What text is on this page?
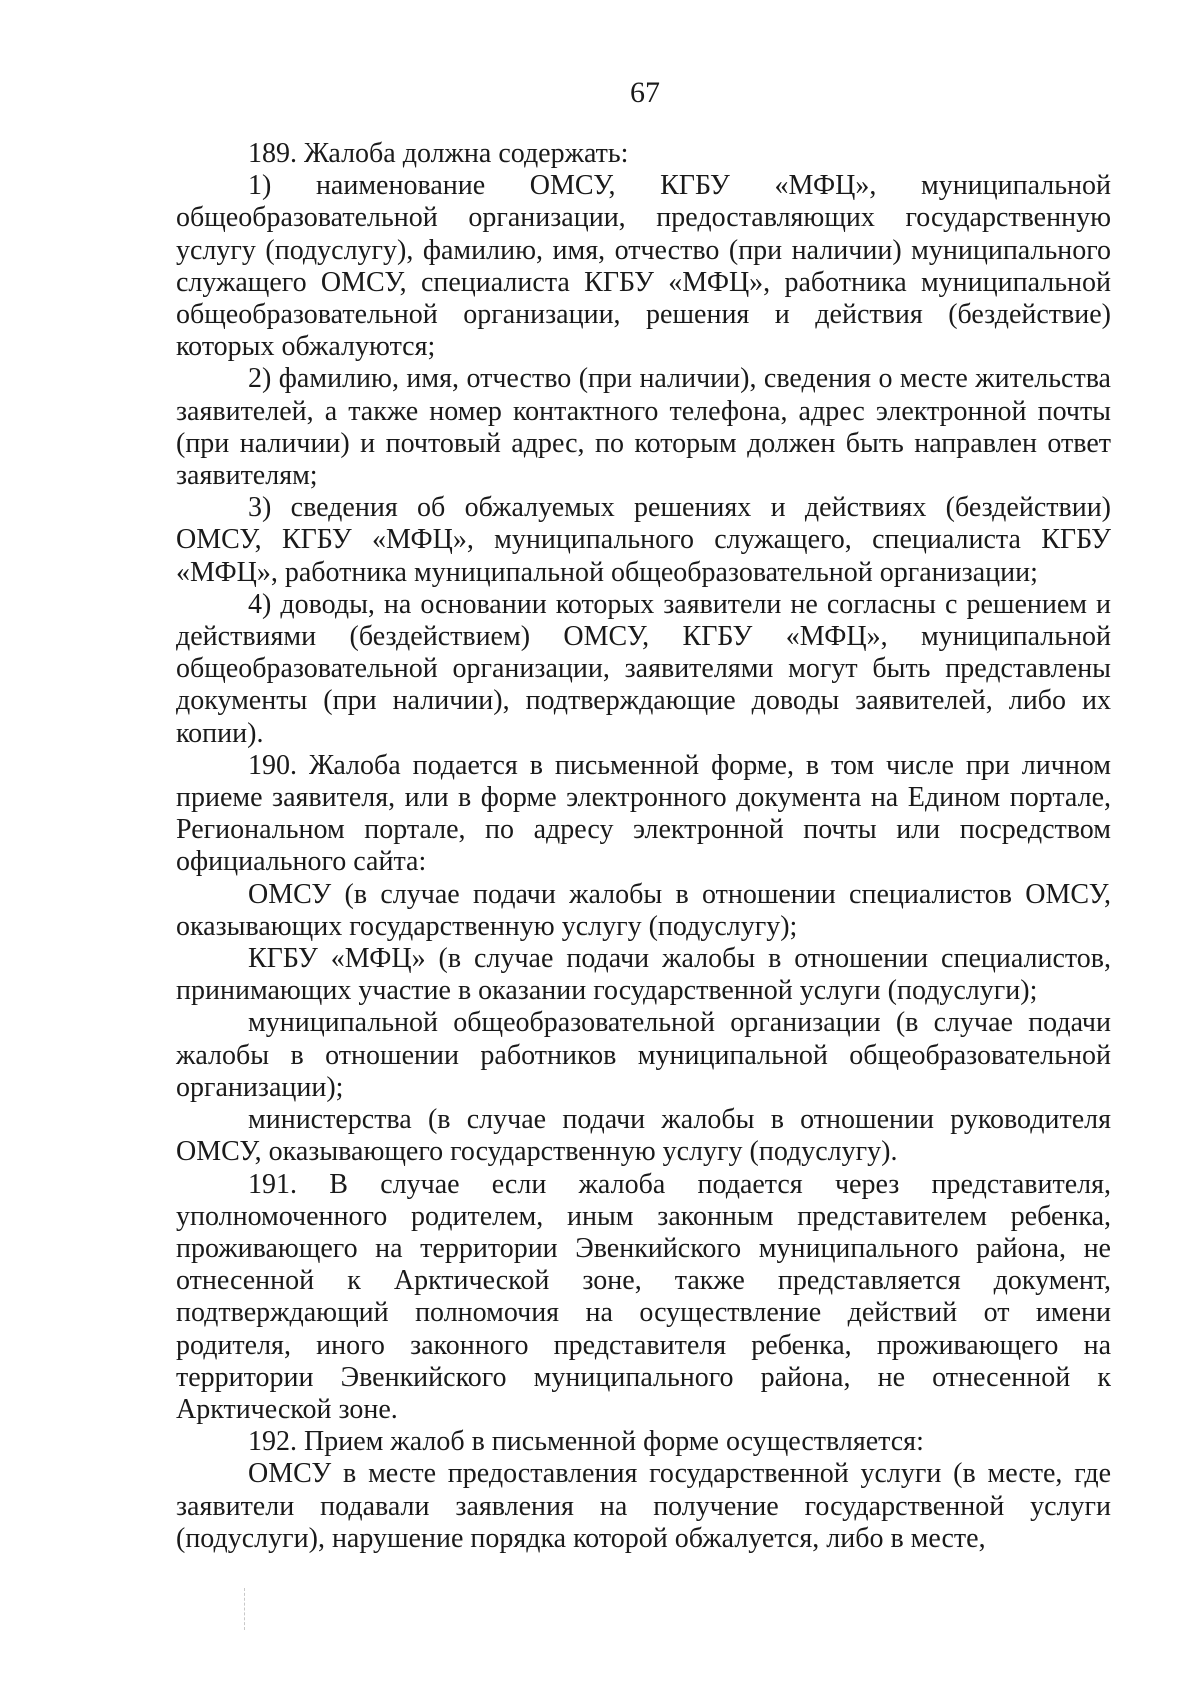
67

189. Жалоба должна содержать:

1) наименование ОМСУ, КГБУ «МФЦ», муниципальной общеобразовательной организации, предоставляющих государственную услугу (подуслугу), фамилию, имя, отчество (при наличии) муниципального служащего ОМСУ, специалиста КГБУ «МФЦ», работника муниципальной общеобразовательной организации, решения и действия (бездействие) которых обжалуются;

2) фамилию, имя, отчество (при наличии), сведения о месте жительства заявителей, а также номер контактного телефона, адрес электронной почты (при наличии) и почтовый адрес, по которым должен быть направлен ответ заявителям;

3) сведения об обжалуемых решениях и действиях (бездействии) ОМСУ, КГБУ «МФЦ», муниципального служащего, специалиста КГБУ «МФЦ», работника муниципальной общеобразовательной организации;

4) доводы, на основании которых заявители не согласны с решением и действиями (бездействием) ОМСУ, КГБУ «МФЦ», муниципальной общеобразовательной организации, заявителями могут быть представлены документы (при наличии), подтверждающие доводы заявителей, либо их копии).

190. Жалоба подается в письменной форме, в том числе при личном приеме заявителя, или в форме электронного документа на Едином портале, Региональном портале, по адресу электронной почты или посредством официального сайта:

ОМСУ (в случае подачи жалобы в отношении специалистов ОМСУ, оказывающих государственную услугу (подуслугу);

КГБУ «МФЦ» (в случае подачи жалобы в отношении специалистов, принимающих участие в оказании государственной услуги (подуслуги);

муниципальной общеобразовательной организации (в случае подачи жалобы в отношении работников муниципальной общеобразовательной организации);

министерства (в случае подачи жалобы в отношении руководителя ОМСУ, оказывающего государственную услугу (подуслугу).

191. В случае если жалоба подается через представителя, уполномоченного родителем, иным законным представителем ребенка, проживающего на территории Эвенкийского муниципального района, не отнесенной к Арктической зоне, также представляется документ, подтверждающий полномочия на осуществление действий от имени родителя, иного законного представителя ребенка, проживающего на территории Эвенкийского муниципального района, не отнесенной к Арктической зоне.

192. Прием жалоб в письменной форме осуществляется:

ОМСУ в месте предоставления государственной услуги (в месте, где заявители подавали заявления на получение государственной услуги (подуслуги), нарушение порядка которой обжалуется, либо в месте,
